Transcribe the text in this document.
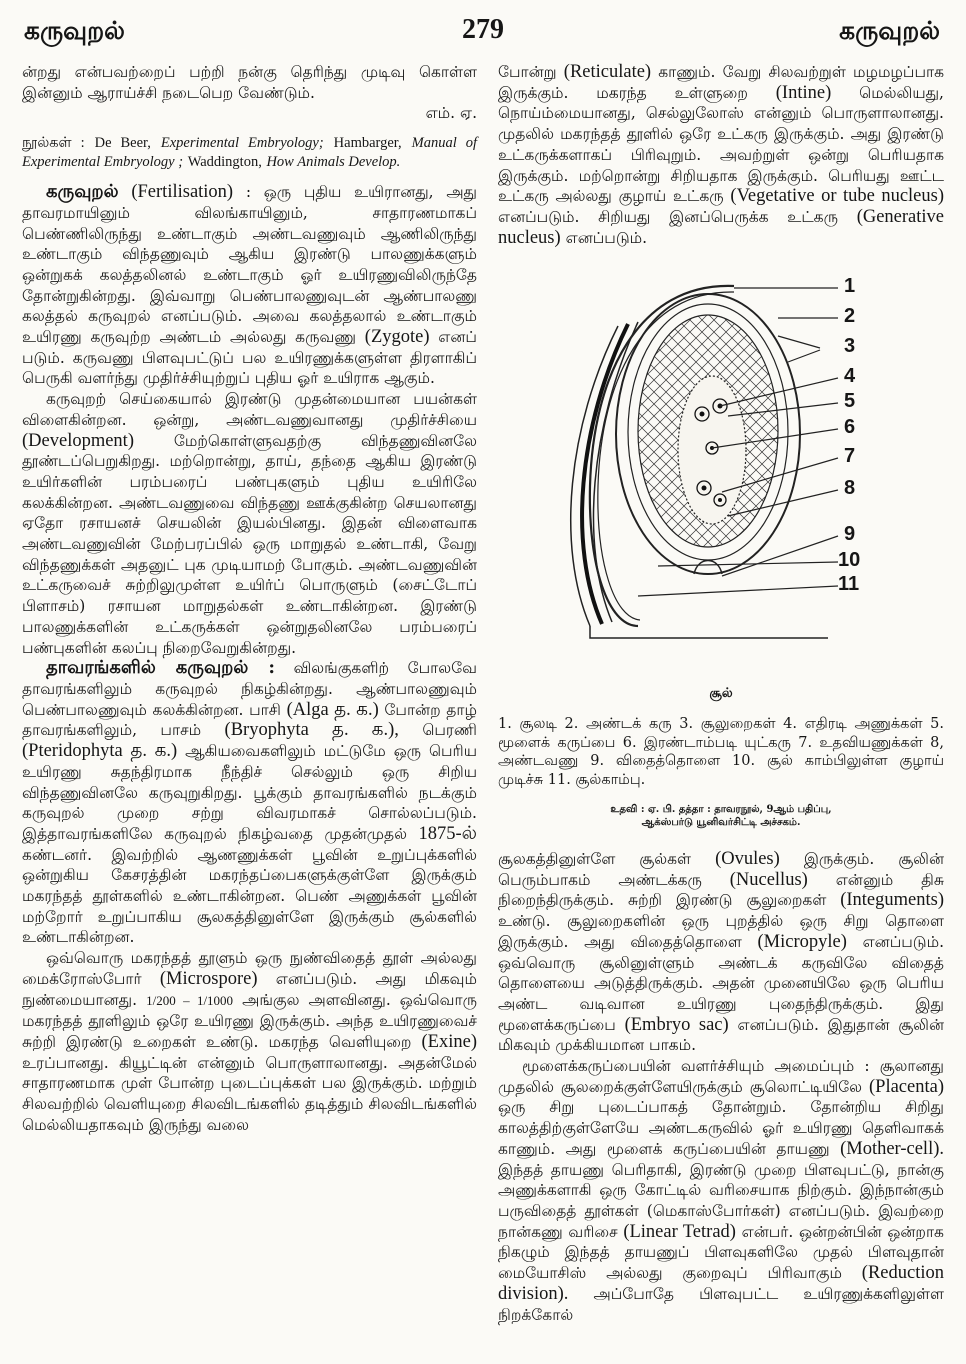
கருவுறல்	279	கருவுறல்

ன்றது என்பவற்றைப் பற்றி நன்கு தெரிந்து முடிவு கொள்ள இன்னும் ஆராய்ச்சி நடைபெற வேண்டும்.

எம். ஏ.

நூல்கள் : De Beer, Experimental Embryology; Hambarger, Manual of Experimental Embryology ; Waddington, How Animals Develop.

கருவுறல் (Fertilisation) : ஒரு புதிய உயிரானது, அது தாவரமாயினும் விலங்காயினும், சாதாரணமாகப் பெண்ணிலிருந்து உண்டாகும் அண்டவணுவும் ஆணிலிருந்து உண்டாகும் விந்தணுவும் ஆகிய இரண்டு பாலணுக்களும் ஒன்றுகக் கலத்தலினல் உண்டாகும் ஓர் உயிரணுவிலிருந்தே தோன்றுகின்றது. இவ்வாறு பெண்பாலணுவுடன் ஆண்பாலணு கலத்தல் கருவுறல் எனப்படும். அவை கலத்தலால் உண்டாகும் உயிரணு கருவுற்ற அண்டம் அல்லது கருவணு (Zygote) எனப் படும். கருவணு பிளவுபட்டுப் பல உயிரணுக்களுள்ள திரளாகிப் பெருகி வளர்ந்து முதிர்ச்சியுற்றுப் புதிய ஓர் உயிராக ஆகும்.

கருவுறற் செய்கையால் இரண்டு முதன்மையான பயன்கள் விளைகின்றன. ஒன்று, அண்டவணுவானது முதிர்ச்சியை (Development)	மேற்கொள்ளுவதற்கு விந்தணுவினலே தூண்டப்பெறுகிறது. மற்றொன்று, தாய், தந்தை ஆகிய இரண்டு உயிர்களின் பரம்பரைப் பண்புகளும் புதிய உயிரிலே கலக்கின்றன. அண்டவணுவை விந்தணு ஊக்குகின்ற செயலானது ஏதோ ரசாயனச் செயலின் இயல்பினது. இதன் விளைவாக அண்டவணுவின் மேற்பரப்பில் ஒரு மாறுதல் உண்டாகி, வேறு விந்தணுக்கள் அதனுட் புக முடியாமற் போகும். அண்டவணுவின் உட்கருவைச் சுற்றிலுமுள்ள உயிர்ப் பொருளும் (சைட்டோப் பிளாசம்) ரசாயன மாறுதல்கள் உண்டாகின்றன. இரண்டு பாலணுக்களின் உட்கருக்கள் ஒன்றுதலினலே பரம்பரைப் பண்புகளின் கலப்பு நிறைவேறுகின்றது.

தாவரங்களில் கருவுறல் : விலங்குகளிற் போலவே தாவரங்களிலும் கருவுறல் நிகழ்கின்றது. ஆண்பாலணுவும் பெண்பாலணுவும் கலக்கின்றன. பாசி (Alga த. க.) போன்ற தாழ் தாவரங்களிலும், பாசம் (Bryophyta த. க.), பெரணி (Pteridophyta த. க.) ஆகியவைகளிலும் மட்டுமே ஒரு பெரிய உயிரணு சுதந்திரமாக நீந்திச் செல்லும் ஒரு சிறிய விந்தணுவினலே கருவுறுகிறது. பூக்கும் தாவரங்களில் நடக்கும் கருவுறல் முறை சற்று விவரமாகச் சொல்லப்படும். இத்தாவரங்களிலே கருவுறல் நிகழ்வதை முதன்முதல் 1875-ல் கண்டனர். இவற்றில் ஆணணுக்கள் பூவின் உறுப்புக்களில் ஒன்றுகிய கேசரத்தின் மகரந்தப்பைகளுக்குள்ளே இருக்கும் மகரந்தத் தூள்களில் உண்டாகின்றன. பெண் அணுக்கள் பூவின் மற்றோர் உறுப்பாகிய சூலகத்தினுள்ளே இருக்கும் சூல்களில் உண்டாகின்றன.

ஒவ்வொரு மகரந்தத் தூளும் ஒரு நுண்விதைத் தூள் அல்லது மைக்ரோஸ்போர் (Microspore) எனப்படும். அது மிகவும் நுண்மையானது. 1/200 – 1/1000 அங்குல அளவினது. ஒவ்வொரு மகரந்தத் தூளிலும் ஒரே உயிரணு இருக்கும். அந்த உயிரணுவைச் சுற்றி இரண்டு உறைகள் உண்டு. மகரந்த வெளியுறை (Exine) உரப்பானது. கியூட்டின் என்னும் பொருளாலானது. அதன்மேல் சாதாரணமாக முள் போன்ற புடைப்புக்கள் பல இருக்கும். மற்றும் சிலவற்றில் வெளியுறை சிலவிடங்களில் தடித்தும் சிலவிடங்களில் மெல்லியதாகவும் இருந்து வலை

போன்று (Reticulate) காணும். வேறு சிலவற்றுள் மழமழப்பாக இருக்கும். மகரந்த உள்ளுறை (Intine) மெல்லியது, நொய்ம்மையானது, செல்லுலோஸ் என்னும் பொருளாலானது. முதலில் மகரந்தத் தூளில் ஒரே உட்கரு இருக்கும். அது இரண்டு உட்கருக்களாகப் பிரிவுறும். அவற்றுள் ஒன்று பெரியதாக இருக்கும். மற்றொன்று சிறியதாக இருக்கும். பெரியது ஊட்ட உட்கரு அல்லது குழாய் உட்கரு (Vegetative or tube nucleus) எனப்படும். சிறியது இனப்பெருக்க உட்கரு (Generative nucleus) எனப்படும்.

1
2
3
4
5
6
7
8
9
10
11

சூல்

1. சூலடி 2. அண்டக் கரு 3. சூலுறைகள் 4. எதிரடி அணுக்கள் 5. மூளைக் கருப்பை 6. இரண்டாம்படி யுட்கரு 7. உதவியணுக்கள் 8, அண்டவணு 9. விதைத்தொளை 10. சூல் காம்பிலுள்ள குழாய் முடிச்சு 11. சூல்காம்பு.

உதவி : ஏ. பி. தத்தா : தாவரநூல், 9ஆம் பதிப்பு,
ஆக்ஸ்பர்டு யூனிவர்சிட்டி அச்சகம்.

சூலகத்தினுள்ளே சூல்கள் (Ovules) இருக்கும். சூலின் பெரும்பாகம் அண்டக்கரு (Nucellus) என்னும் திசு நிறைந்திருக்கும். சுற்றி இரண்டு சூலுறைகள் (Integuments) உண்டு. சூலுறைகளின் ஒரு புறத்தில் ஒரு சிறு தொளை இருக்கும். அது விதைத்தொளை (Micropyle) எனப்படும். ஒவ்வொரு சூலினுள்ளும் அண்டக் கருவிலே விதைத் தொளையை அடுத்திருக்கும். அதன் முனையிலே ஒரு பெரிய அண்ட வடிவான உயிரணு புதைந்திருக்கும். இது மூளைக்கருப்பை (Embryo sac) எனப்படும். இதுதான் சூலின் மிகவும் முக்கியமான பாகம்.

மூளைக்கருப்பையின் வளர்ச்சியும் அமைப்பும் : சூலானது முதலில் சூலறைக்குள்ளேயிருக்கும் சூலொட்டியிலே (Placenta) ஒரு சிறு புடைப்பாகத் தோன்றும். தோன்றிய சிறிது காலத்திற்குள்ளேயே அண்டகருவில் ஓர் உயிரணு தெளிவாகக் காணும். அது மூளைக் கருப்பையின் தாயணு (Mother-cell). இந்தத் தாயணு பெரிதாகி, இரண்டு முறை பிளவுபட்டு, நான்கு அணுக்களாகி ஒரு கோட்டில் வரிசையாக நிற்கும். இந்நான்கும் பருவிதைத் தூள்கள் (மெகாஸ்போர்கள்) எனப்படும். இவற்றை நான்கணு வரிசை (Linear Tetrad) என்பர். ஒன்றன்பின் ஒன்றாக நிகழும் இந்தத் தாயணுப் பிளவுகளிலே முதல் பிளவுதான் மையோசிஸ் அல்லது குறைவுப் பிரிவாகும் (Reduction division). அப்போதே பிளவுபட்ட உயிரணுக்களிலுள்ள நிறக்கோல்
